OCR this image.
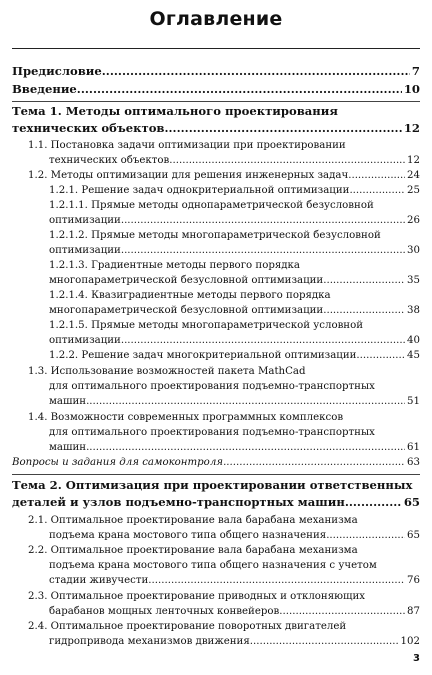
Оглавление
Предисловие .....	7
Введение .....	10
Тема 1. Методы оптимального проектирования
технических объектов .....	12
1.1. Постановка задачи оптимизации при проектировании
технических объектов .....	12
1.2. Методы оптимизации для решения инженерных задач .....	24
1.2.1. Решение задач однокритериальной оптимизации .....	25
1.2.1.1. Прямые методы однопараметрической безусловной
оптимизации .....	26
1.2.1.2. Прямые методы многопараметрической безусловной
оптимизации .....	30
1.2.1.3. Градиентные методы первого порядка
многопараметрической безусловной оптимизации .....	35
1.2.1.4. Квазиградиентные методы первого порядка
многопараметрической безусловной оптимизации .....	38
1.2.1.5. Прямые методы многопараметрической условной
оптимизации .....	40
1.2.2. Решение задач многокритериальной оптимизации .....	45
1.3. Использование возможностей пакета MathCad
для оптимального проектирования подъемно-транспортных
машин .....	51
1.4. Возможности современных программных комплексов
для оптимального проектирования подъемно-транспортных
машин .....	61
Вопросы и задания для самоконтроля .....	63
Тема 2. Оптимизация при проектировании ответственных
деталей и узлов подъемно-транспортных машин .....	65
2.1. Оптимальное проектирование вала барабана механизма
подъема крана мостового типа общего назначения .....	65
2.2. Оптимальное проектирование вала барабана механизма
подъема крана мостового типа общего назначения с учетом
стадии живучести .....	76
2.3. Оптимальное проектирование приводных и отклоняющих
барабанов мощных ленточных конвейеров .....	87
2.4. Оптимальное проектирование поворотных двигателей
гидропривода механизмов движения .....	102
3
